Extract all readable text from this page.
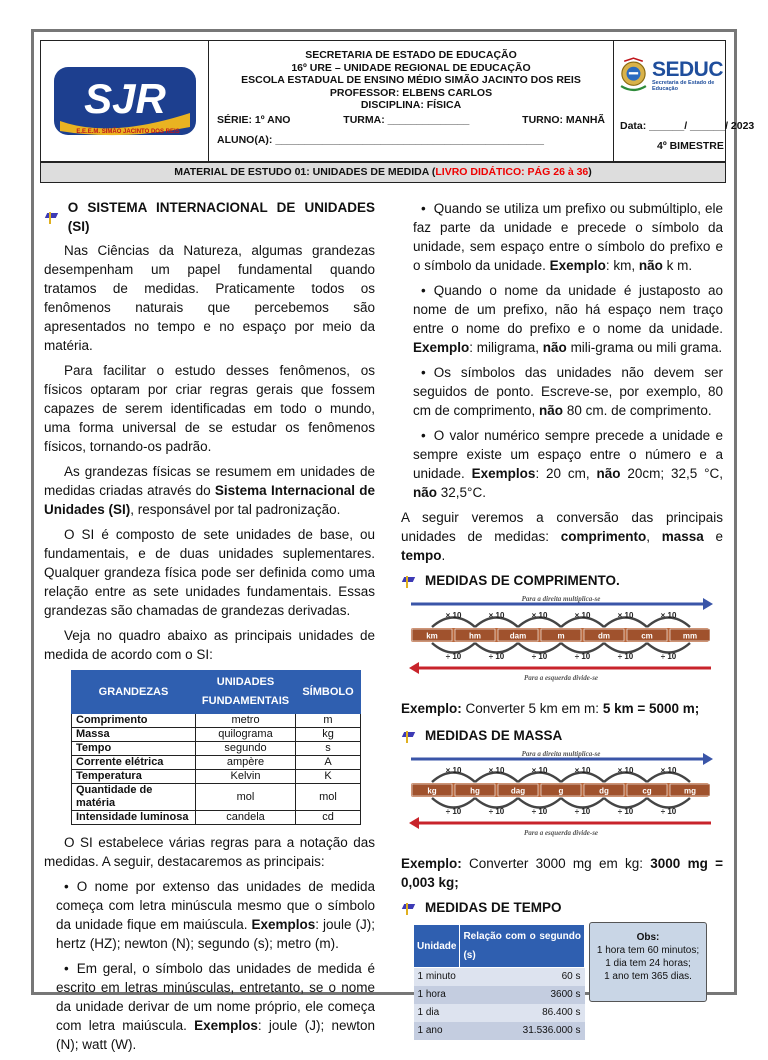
SJR
E.E.E.M. SIMÃO JACINTO DOS REIS
SECRETARIA DE ESTADO DE EDUCAÇÃO
16º URE – UNIDADE REGIONAL DE EDUCAÇÃO
ESCOLA ESTADUAL DE ENSINO MÉDIO SIMÃO JACINTO DOS REIS
PROFESSOR: ELBENS CARLOS
DISCIPLINA: FÍSICA
SÉRIE: 1º ANO	TURMA: ______________	TURNO: MANHÃ
ALUNO(A): ______________________________________________
SEDUC
Secretaria de Estado de Educação
Data: ______/ ______/ 2023
4º BIMESTRE
MATERIAL DE ESTUDO 01: UNIDADES DE MEDIDA (LIVRO DIDÁTICO: PÁG 26 à 36)
O SISTEMA INTERNACIONAL DE UNIDADES (SI)

Nas Ciências da Natureza, algumas grandezas desempenham um papel fundamental quando tratamos de medidas. Praticamente todos os fenômenos naturais que percebemos são apresentados no tempo e no espaço por meio da matéria.

Para facilitar o estudo desses fenômenos, os físicos optaram por criar regras gerais que fossem capazes de serem identificadas em todo o mundo, uma forma universal de se estudar os fenômenos físicos, tornando-os padrão.

As grandezas físicas se resumem em unidades de medidas criadas através do Sistema Internacional de Unidades (SI), responsável por tal padronização.

O SI é composto de sete unidades de base, ou fundamentais, e de duas unidades suplementares. Qualquer grandeza física pode ser definida como uma relação entre as sete unidades fundamentais. Essas grandezas são chamadas de grandezas derivadas.

Veja no quadro abaixo as principais unidades de medida de acordo com o SI:

GRANDEZAS	UNIDADES FUNDAMENTAIS	SÍMBOLO
Comprimento	metro	m
Massa	quilograma	kg
Tempo	segundo	s
Corrente elétrica	ampère	A
Temperatura	Kelvin	K
Quantidade de matéria	mol	mol
Intensidade luminosa	candela	cd

O SI estabelece várias regras para a notação das medidas. A seguir, destacaremos as principais:

• O nome por extenso das unidades de medida começa com letra minúscula mesmo que o símbolo da unidade fique em maiúscula. Exemplos: joule (J); hertz (HZ); newton (N); segundo (s); metro (m).

• Em geral, o símbolo das unidades de medida é escrito em letras minúsculas, entretanto, se o nome da unidade derivar de um nome próprio, ele começa com letra maiúscula. Exemplos: joule (J); newton (N); watt (W).

• Quando se utiliza um prefixo ou submúltiplo, ele faz parte da unidade e precede o símbolo da unidade, sem espaço entre o símbolo do prefixo e o símbolo da unidade. Exemplo: km, não k m.

• Quando o nome da unidade é justaposto ao nome de um prefixo, não há espaço nem traço entre o nome do prefixo e o nome da unidade. Exemplo: miligrama, não mili-grama ou mili grama.

• Os símbolos das unidades não devem ser seguidos de ponto. Escreve-se, por exemplo, 80 cm de comprimento, não 80 cm. de comprimento.

• O valor numérico sempre precede a unidade e sempre existe um espaço entre o número e a unidade. Exemplos: 20 cm, não 20cm; 32,5 °C, não 32,5°C.

A seguir veremos a conversão das principais unidades de medidas: comprimento, massa e tempo.

MEDIDAS DE COMPRIMENTO.
Para a direita multiplica-se
Para a esquerda divide-se
km
× 10
÷ 10
hm
× 10
÷ 10
dam
× 10
÷ 10
m
× 10
÷ 10
dm
× 10
÷ 10
cm
× 10
÷ 10
mm

Exemplo: Converter 5 km em m: 5 km = 5000 m;

MEDIDAS DE MASSA
Para a direita multiplica-se
Para a esquerda divide-se
kg
× 10
÷ 10
hg
× 10
÷ 10
dag
× 10
÷ 10
g
× 10
÷ 10
dg
× 10
÷ 10
cg
× 10
÷ 10
mg

Exemplo: Converter 3000 mg em kg: 3000 mg = 0,003 kg;

MEDIDAS DE TEMPO
Unidade	Relação com o segundo (s)
1 minuto	60 s
1 hora	3600 s
1 dia	86.400 s
1 ano	31.536.000 s
Obs:
1 hora tem 60 minutos;
1 dia tem 24 horas;
1 ano tem 365 dias.
